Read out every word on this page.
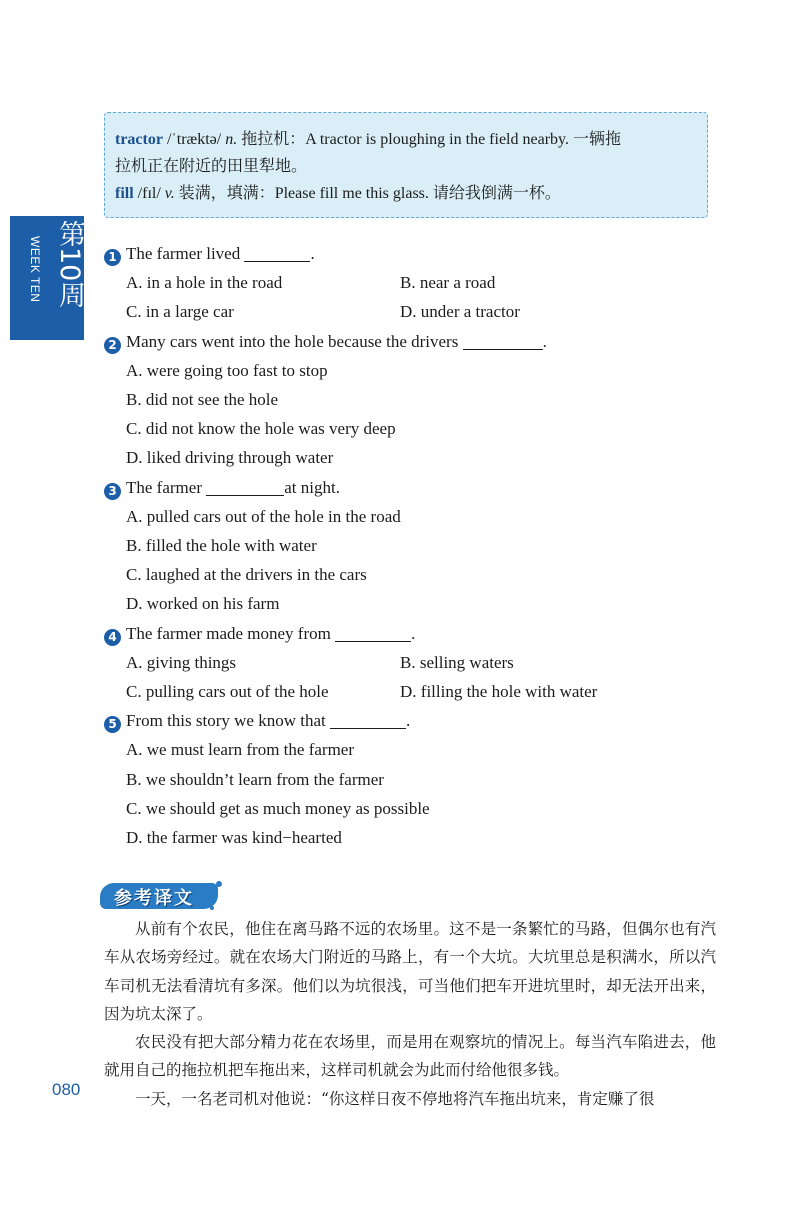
tractor /ˈtræktə/ n. 拖拉机：A tractor is ploughing in the field nearby. 一辆拖
拉机正在附近的田里犁地。
fill /fɪl/ v. 装满，填满：Please fill me this glass. 请给我倒满一杯。
第10周
WEEK TEN	1 The farmer lived	.
A. in a hole in the road	B. near a road
C. in a large car	D. under a tractor
2 Many cars went into the hole because the drivers	.
A. were going too fast to stop
B. did not see the hole
C. did not know the hole was very deep
D. liked driving through water
3 The farmer	at night.
A. pulled cars out of the hole in the road
B. filled the hole with water
C. laughed at the drivers in the cars
D. worked on his farm
4 The farmer made money from	.
A. giving things	B. selling waters
C. pulling cars out of the hole	D. filling the hole with water
5 From this story we know that	.
A. we must learn from the farmer
B. we shouldn’t learn from the farmer
C. we should get as much money as possible
D. the farmer was kind−hearted
参考译文

从前有个农民，他住在离马路不远的农场里。这不是一条繁忙的马路，但偶尔也有汽车从农场旁经过。就在农场大门附近的马路上，有一个大坑。大坑里总是积满水，所以汽车司机无法看清坑有多深。他们以为坑很浅，可当他们把车开进坑里时，却无法开出来，因为坑太深了。

农民没有把大部分精力花在农场里，而是用在观察坑的情况上。每当汽车陷进去，他就用自己的拖拉机把车拖出来，这样司机就会为此而付给他很多钱。

一天，一名老司机对他说：“你这样日夜不停地将汽车拖出坑来，肯定赚了很

080
